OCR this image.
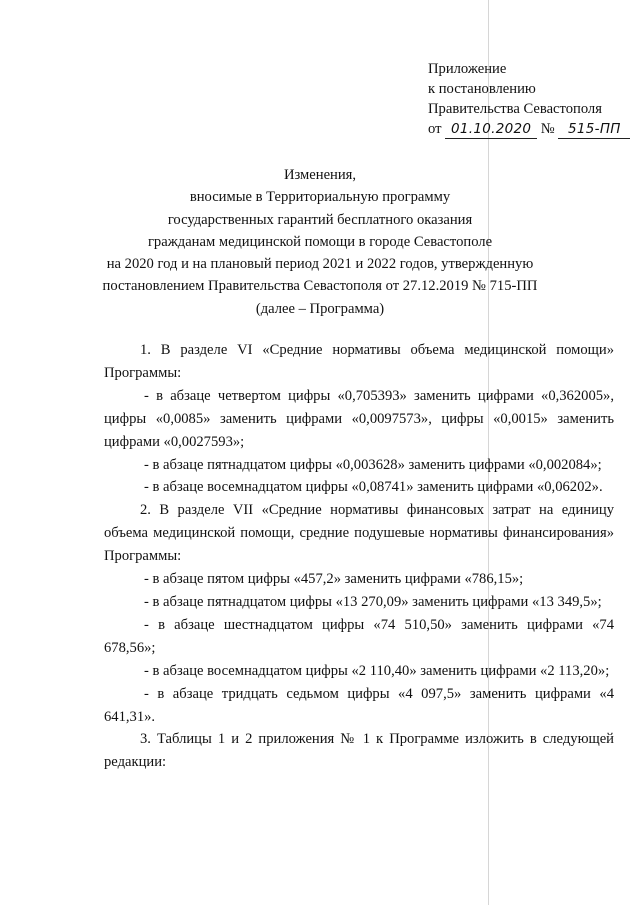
Приложение
к постановлению
Правительства Севастополя
от 01.10.2020 № 515-ПП
Изменения,
вносимые в Территориальную программу
государственных гарантий бесплатного оказания
гражданам медицинской помощи в городе Севастополе
на 2020 год и на плановый период 2021 и 2022 годов, утвержденную
постановлением Правительства Севастополя от 27.12.2019 № 715-ПП
(далее – Программа)

1. В разделе VI «Средние нормативы объема медицинской помощи» Программы:

- в абзаце четвертом цифры «0,705393» заменить цифрами «0,362005», цифры «0,0085» заменить цифрами «0,0097573», цифры «0,0015» заменить цифрами «0,0027593»;

- в абзаце пятнадцатом цифры «0,003628» заменить цифрами «0,002084»;

- в абзаце восемнадцатом цифры «0,08741» заменить цифрами «0,06202».

2. В разделе VII «Средние нормативы финансовых затрат на единицу объема медицинской помощи, средние подушевые нормативы финансирования» Программы:

- в абзаце пятом цифры «457,2» заменить цифрами «786,15»;

- в абзаце пятнадцатом цифры «13 270,09» заменить цифрами «13 349,5»;

- в абзаце шестнадцатом цифры «74 510,50» заменить цифрами «74 678,56»;

- в абзаце восемнадцатом цифры «2 110,40» заменить цифрами «2 113,20»;

- в абзаце тридцать седьмом цифры «4 097,5» заменить цифрами «4 641,31».

3. Таблицы 1 и 2 приложения № 1 к Программе изложить в следующей редакции:
